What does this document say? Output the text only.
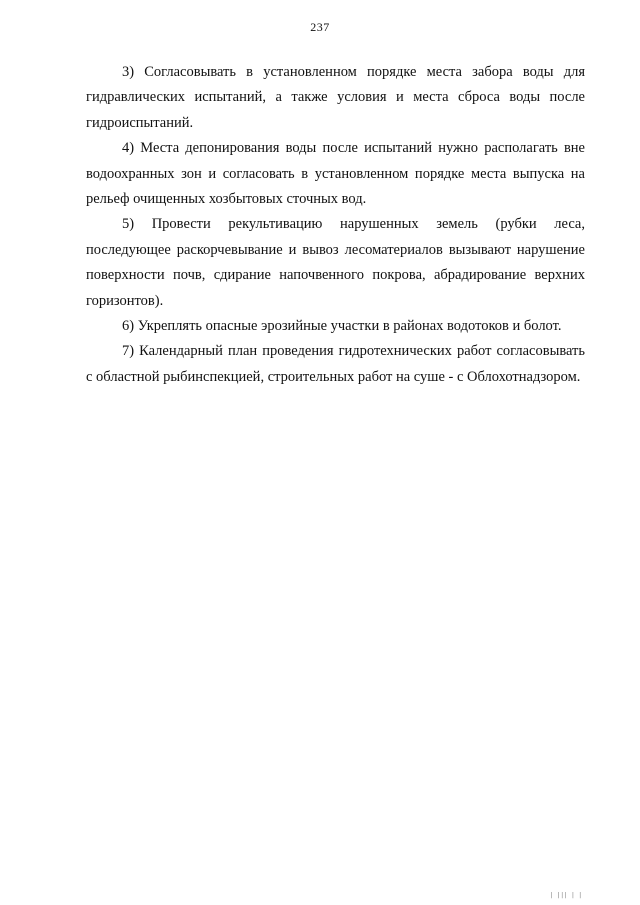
237

3) Согласовывать в установленном порядке места забора воды для гидравлических испытаний, а также условия и места сброса воды после гидроиспытаний.

4) Места депонирования воды после испытаний нужно располагать вне водоохранных зон и согласовать в установленном порядке места выпуска на рельеф очищенных хозбытовых сточных вод.

5) Провести рекультивацию нарушенных земель (рубки леса, последующее раскорчевывание и вывоз лесоматериалов вызывают нарушение поверхности почв, сдирание напочвенного покрова, абрадирование верхних горизонтов).

6) Укреплять опасные эрозийные участки в районах водотоков и болот.

7) Календарный план проведения гидротехнических работ согласовывать с областной рыбинспекцией, строительных работ на суше - с Облохотнадзором.

| ||| | |
